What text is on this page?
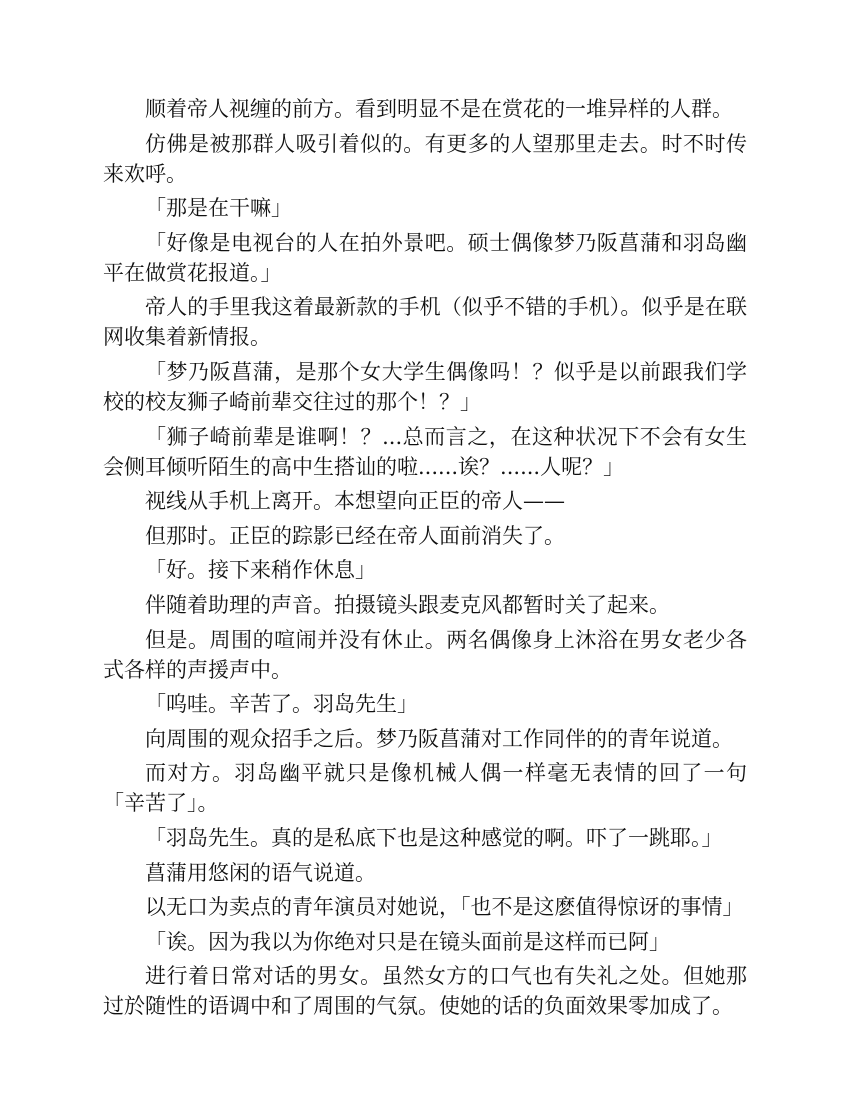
顺着帝人视缠的前方。看到明显不是在赏花的一堆异样的人群。

仿佛是被那群人吸引着似的。有更多的人望那里走去。时不时传来欢呼。

「那是在干嘛」

「好像是电视台的人在拍外景吧。硕士偶像梦乃阪菖蒲和羽岛幽平在做赏花报道。」

帝人的手里我这着最新款的手机（似乎不错的手机）。似乎是在联网收集着新情报。

「梦乃阪菖蒲，是那个女大学生偶像吗！？似乎是以前跟我们学校的校友狮子崎前辈交往过的那个！？」

「狮子崎前辈是谁啊！？...总而言之，在这种状况下不会有女生会侧耳倾听陌生的高中生搭讪的啦......诶？......人呢？」

视线从手机上离开。本想望向正臣的帝人——

但那时。正臣的踪影已经在帝人面前消失了。

「好。接下来稍作休息」

伴随着助理的声音。拍摄镜头跟麦克风都暂时关了起来。

但是。周围的喧闹并没有休止。两名偶像身上沐浴在男女老少各式各样的声援声中。

「呜哇。辛苦了。羽岛先生」

向周围的观众招手之后。梦乃阪菖蒲对工作同伴的的青年说道。

而对方。羽岛幽平就只是像机械人偶一样毫无表情的回了一句「辛苦了」。

「羽岛先生。真的是私底下也是这种感觉的啊。吓了一跳耶。」

菖蒲用悠闲的语气说道。

以无口为卖点的青年演员对她说，「也不是这麽值得惊讶的事情」

「诶。因为我以为你绝对只是在镜头面前是这样而已阿」

进行着日常对话的男女。虽然女方的口气也有失礼之处。但她那过於随性的语调中和了周围的气氛。使她的话的负面效果零加成了。
